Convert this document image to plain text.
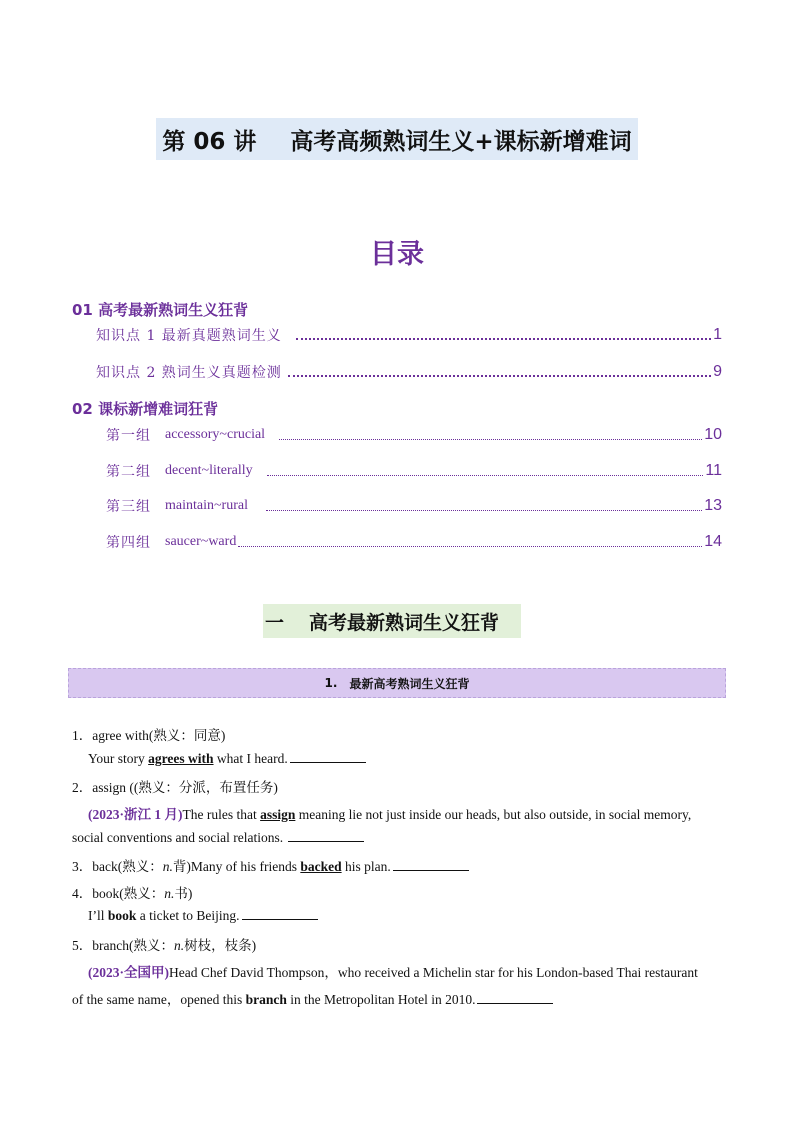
第 06 讲 高考高频熟词生义+课标新增难词
目录
01 高考最新熟词生义狂背
知识点 1 最新真题熟词生义	1
知识点 2 熟词生义真题检测	9
02 课标新增难词狂背
第一组 accessory~crucial	10
第二组 decent~literally	11
第三组 maintain~rural	13
第四组 saucer~ward	14
一	高考最新熟词生义狂背
1. 最新高考熟词生义狂背
1．agree with(熟义：同意)
Your story agrees with what I heard.
2．assign ((熟义：分派，布置任务)
(2023·浙江 1 月)The rules that assign meaning lie not just inside our heads, but also outside, in social memory,
social conventions and social relations.
3．back(熟义：n.背)Many of his friends backed his plan.
4．book(熟义：n.书)
I’ll book a ticket to Beijing.
5．branch(熟义：n.树枝，枝条)
(2023·全国甲)Head Chef David Thompson，who received a Michelin star for his London-based Thai restaurant
of the same name，opened this branch in the Metropolitan Hotel in 2010.
